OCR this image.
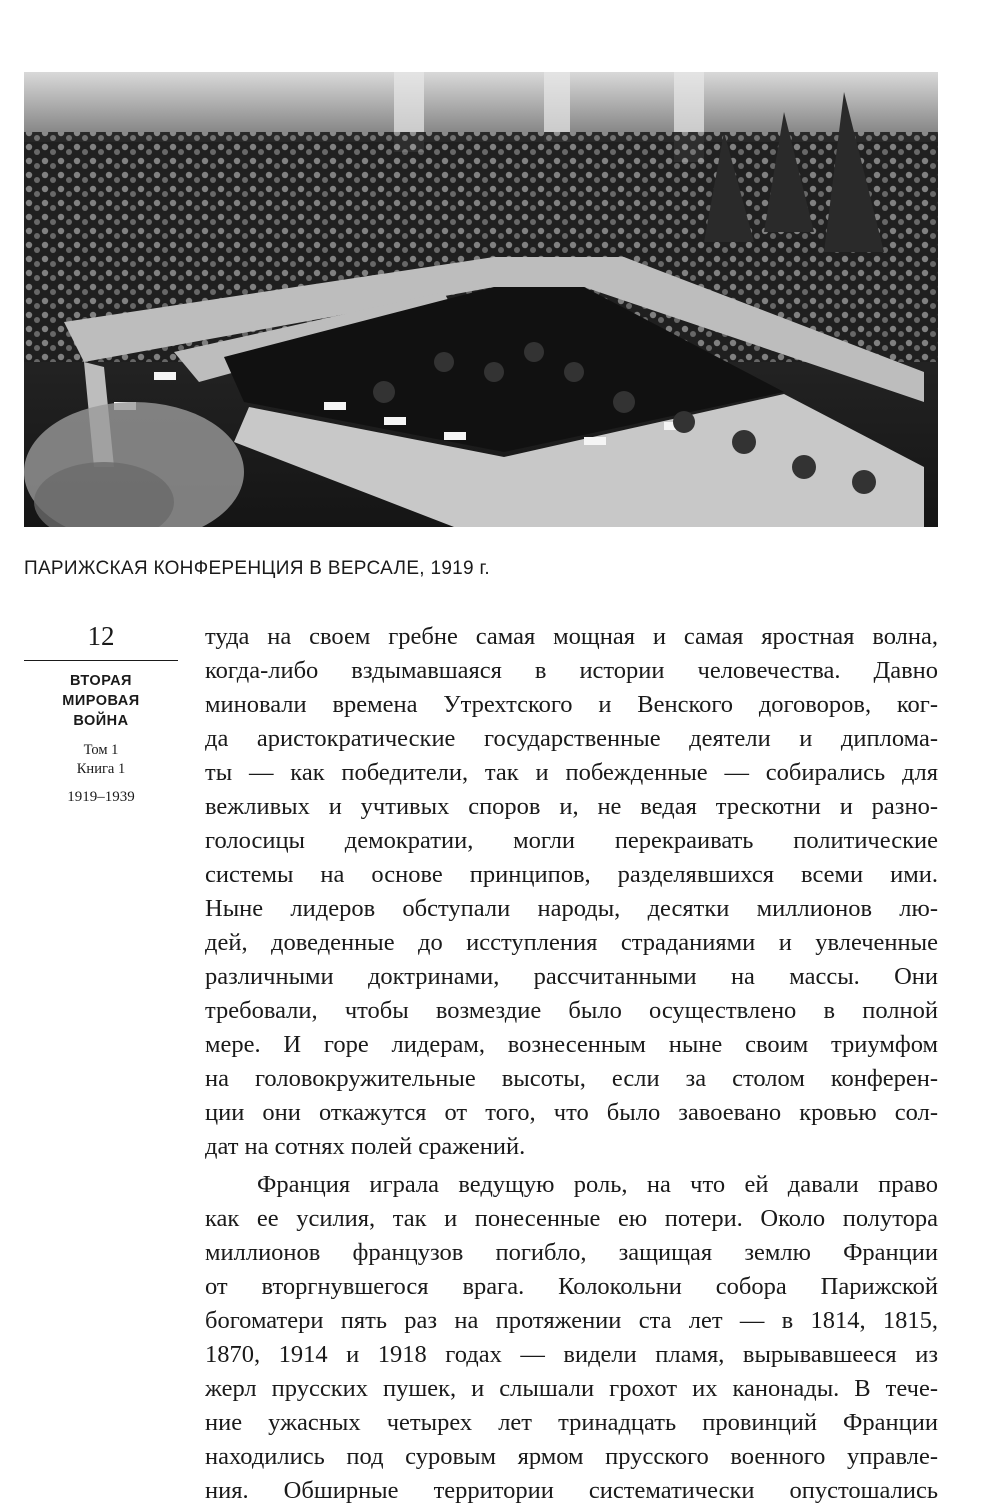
ПАРИЖСКАЯ КОНФЕРЕНЦИЯ В ВЕРСАЛЕ, 1919 г.
12
ВТОРАЯ
МИРОВАЯ
ВОЙНА
Том 1
Книга 1
1919–1939
туда на своем гребне самая мощная и самая яростная волна,
когда-либо вздымавшаяся в истории человечества. Давно
миновали времена Утрехтского и Венского договоров, ког-
да аристократические государственные деятели и диплома-
ты — как победители, так и побежденные — собирались для
вежливых и учтивых споров и, не ведая трескотни и разно-
голосицы демократии, могли перекраивать политические
системы на основе принципов, разделявшихся всеми ими.
Ныне лидеров обступали народы, десятки миллионов лю-
дей, доведенные до исступления страданиями и увлеченные
различными доктринами, рассчитанными на массы. Они
требовали, чтобы возмездие было осуществлено в полной
мере. И горе лидерам, вознесенным ныне своим триумфом
на головокружительные высоты, если за столом конферен-
ции они откажутся от того, что было завоевано кровью сол-
дат на сотнях полей сражений.
Франция играла ведущую роль, на что ей давали право
как ее усилия, так и понесенные ею потери. Около полутора
миллионов французов погибло, защищая землю Франции
от вторгнувшегося врага. Колокольни собора Парижской
богоматери пять раз на протяжении ста лет — в 1814, 1815,
1870, 1914 и 1918 годах — видели пламя, вырывавшееся из
жерл прусских пушек, и слышали грохот их канонады. В тече-
ние ужасных четырех лет тринадцать провинций Франции
находились под суровым ярмом прусского военного управле-
ния. Обширные территории систематически опустошались
